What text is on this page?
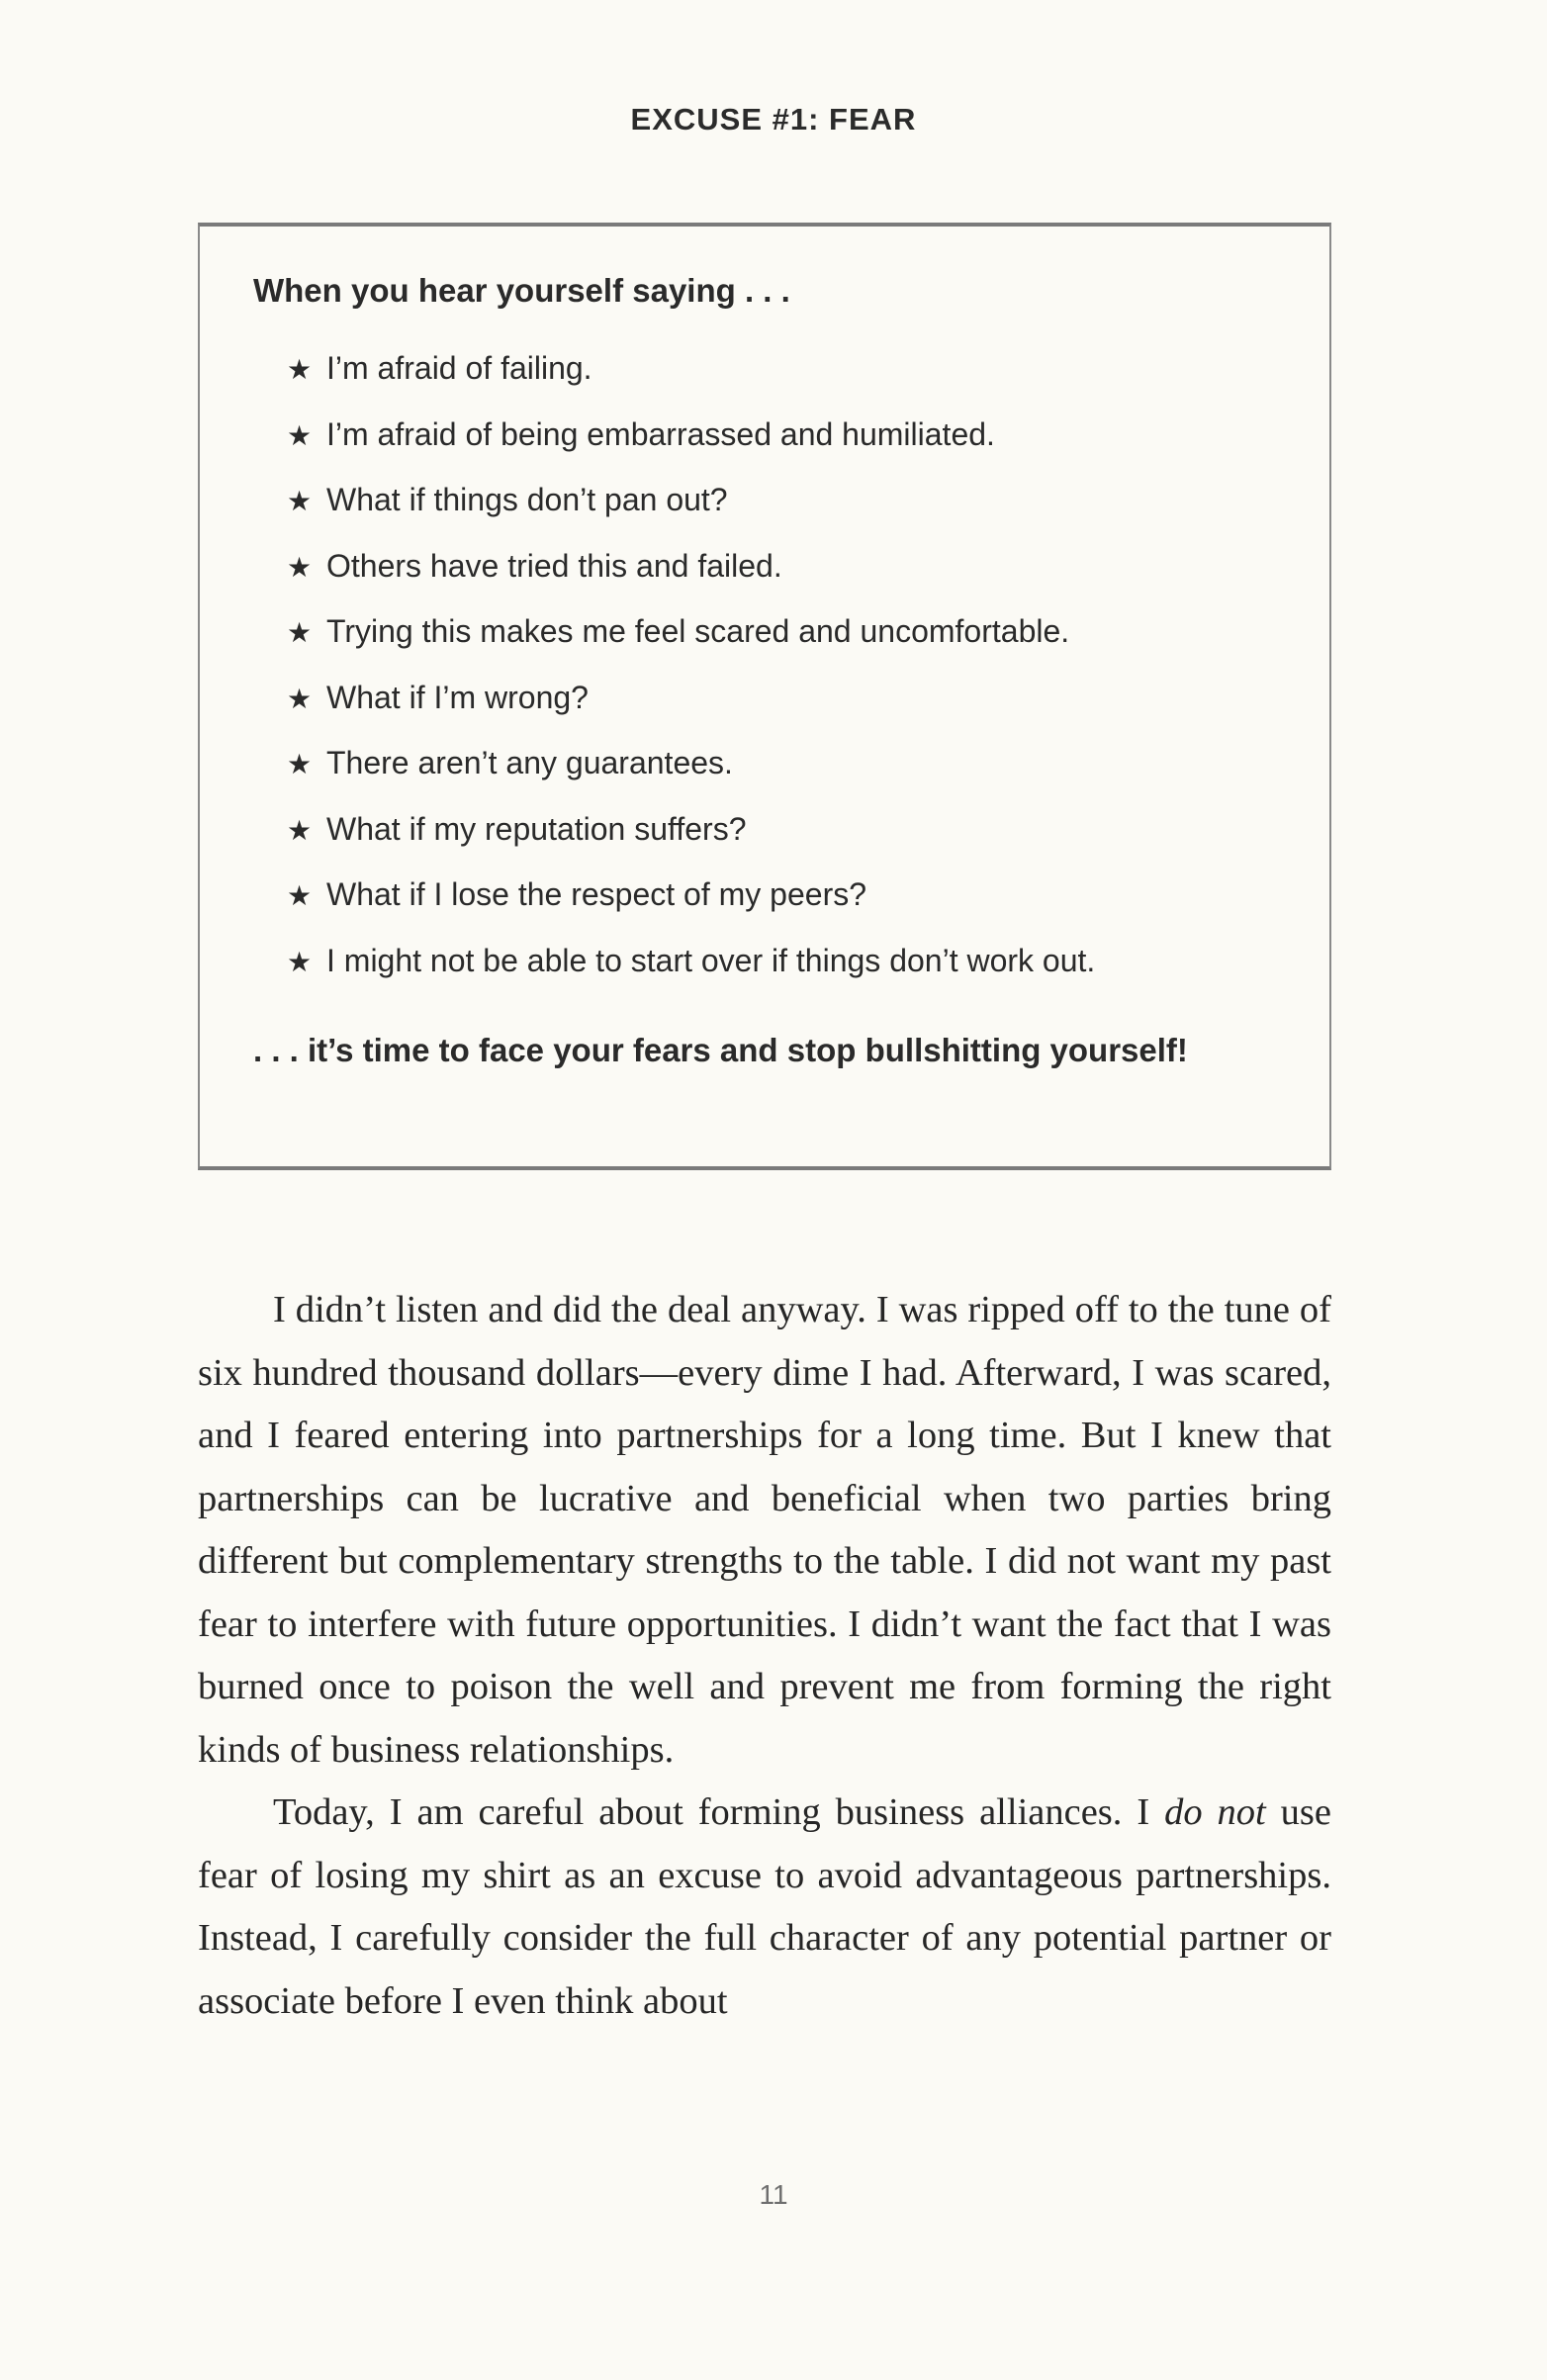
EXCUSE #1: FEAR
When you hear yourself saying . . .
★ I’m afraid of failing.
★ I’m afraid of being embarrassed and humiliated.
★ What if things don’t pan out?
★ Others have tried this and failed.
★ Trying this makes me feel scared and uncomfortable.
★ What if I’m wrong?
★ There aren’t any guarantees.
★ What if my reputation suffers?
★ What if I lose the respect of my peers?
★ I might not be able to start over if things don’t work out.
. . . it’s time to face your fears and stop bullshitting yourself!

I didn’t listen and did the deal anyway. I was ripped off to the tune of six hundred thousand dollars—every dime I had. Afterward, I was scared, and I feared entering into partnerships for a long time. But I knew that partnerships can be lucrative and beneficial when two parties bring different but complementary strengths to the table. I did not want my past fear to interfere with future opportunities. I didn’t want the fact that I was burned once to poison the well and prevent me from forming the right kinds of business relationships.

Today, I am careful about forming business alliances. I do not use fear of losing my shirt as an excuse to avoid advantageous partnerships. Instead, I carefully consider the full character of any potential partner or associate before I even think about

11
